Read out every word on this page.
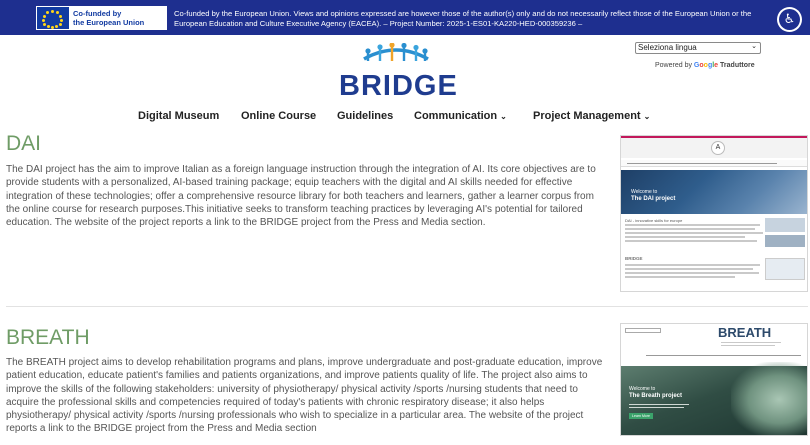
Co-funded by
the European Union
Co-funded by the European Union. Views and opinions expressed are however those of the author(s) only and do not necessarily reflect those of the European Union or the European Education and Culture Executive Agency (EACEA). – Project Number: 2025-1-ES01-KA220-HED-000359236 –	♿
BRIDGE
Seleziona lingua	⌄
Powered by Google Traduttore
Digital Museum Online Course Guidelines Communication ⌄ Project Management ⌄
DAI
The DAI project has the aim to improve Italian as a foreign language instruction through the integration of AI. Its core objectives are to provide students with a personalized, AI-based training package; equip teachers with the digital and AI skills needed for effective integration of these technologies; offer a comprehensive resource library for both teachers and learners, gather a learner corpus from the online course for research purposes.This initiative seeks to transform teaching practices by leveraging AI's potential for tailored education. The website of the project reports a link to the BRIDGE project from the Press and Media section.
A
Welcome to
The DAI project
DAI - innovative skills for europe
BRIDGE
BREATH
The BREATH project aims to develop rehabilitation programs and plans, improve undergraduate and post-graduate education, improve patient education, educate patient's families and patients organizations, and improve patients quality of life. The project also aims to improve the skills of the following stakeholders: university of physiotherapy/ physical activity /sports /nursing students that need to acquire the professional skills and competencies required of today's patients with chronic respiratory disease; it also helps physiotherapy/ physical activity /sports /nursing professionals who wish to specialize in a particular area. The website of the project reports a link to the BRIDGE project from the Press and Media section
BREATH
Welcome to
The Breath project
Learn More
